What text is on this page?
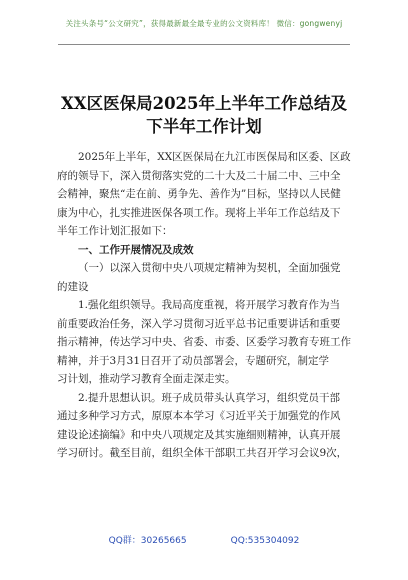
关注头条号“公文研究”，获得最新最全最专业的公文资料库！ 微信：gongwenyj
XX区医保局2025年上半年工作总结及
下半年工作计划

2025年上半年，XX区医保局在九江市医保局和区委、区政
府的领导下，深入贯彻落实党的二十大及二十届二中、三中全
会精神，聚焦“走在前、勇争先、善作为”目标，坚持以人民健
康为中心，扎实推进医保各项工作。现将上半年工作总结及下
半年工作计划汇报如下：

一、工作开展情况及成效

（一）以深入贯彻中央八项规定精神为契机，全面加强党
的建设

1.强化组织领导。我局高度重视，将开展学习教育作为当
前重要政治任务，深入学习贯彻习近平总书记重要讲话和重要
指示精神，传达学习中央、省委、市委、区委学习教育专班工作
精神，并于3月31日召开了动员部署会，专题研究，制定学
习计划，推动学习教育全面走深走实。

2.提升思想认识。班子成员带头认真学习，组织党员干部
通过多种学习方式，原原本本学习《习近平关于加强党的作风
建设论述摘编》和中央八项规定及其实施细则精神，认真开展
学习研讨。截至目前，组织全体干部职工共召开学习会议9次，

QQ群：30265665	QQ:535304092
